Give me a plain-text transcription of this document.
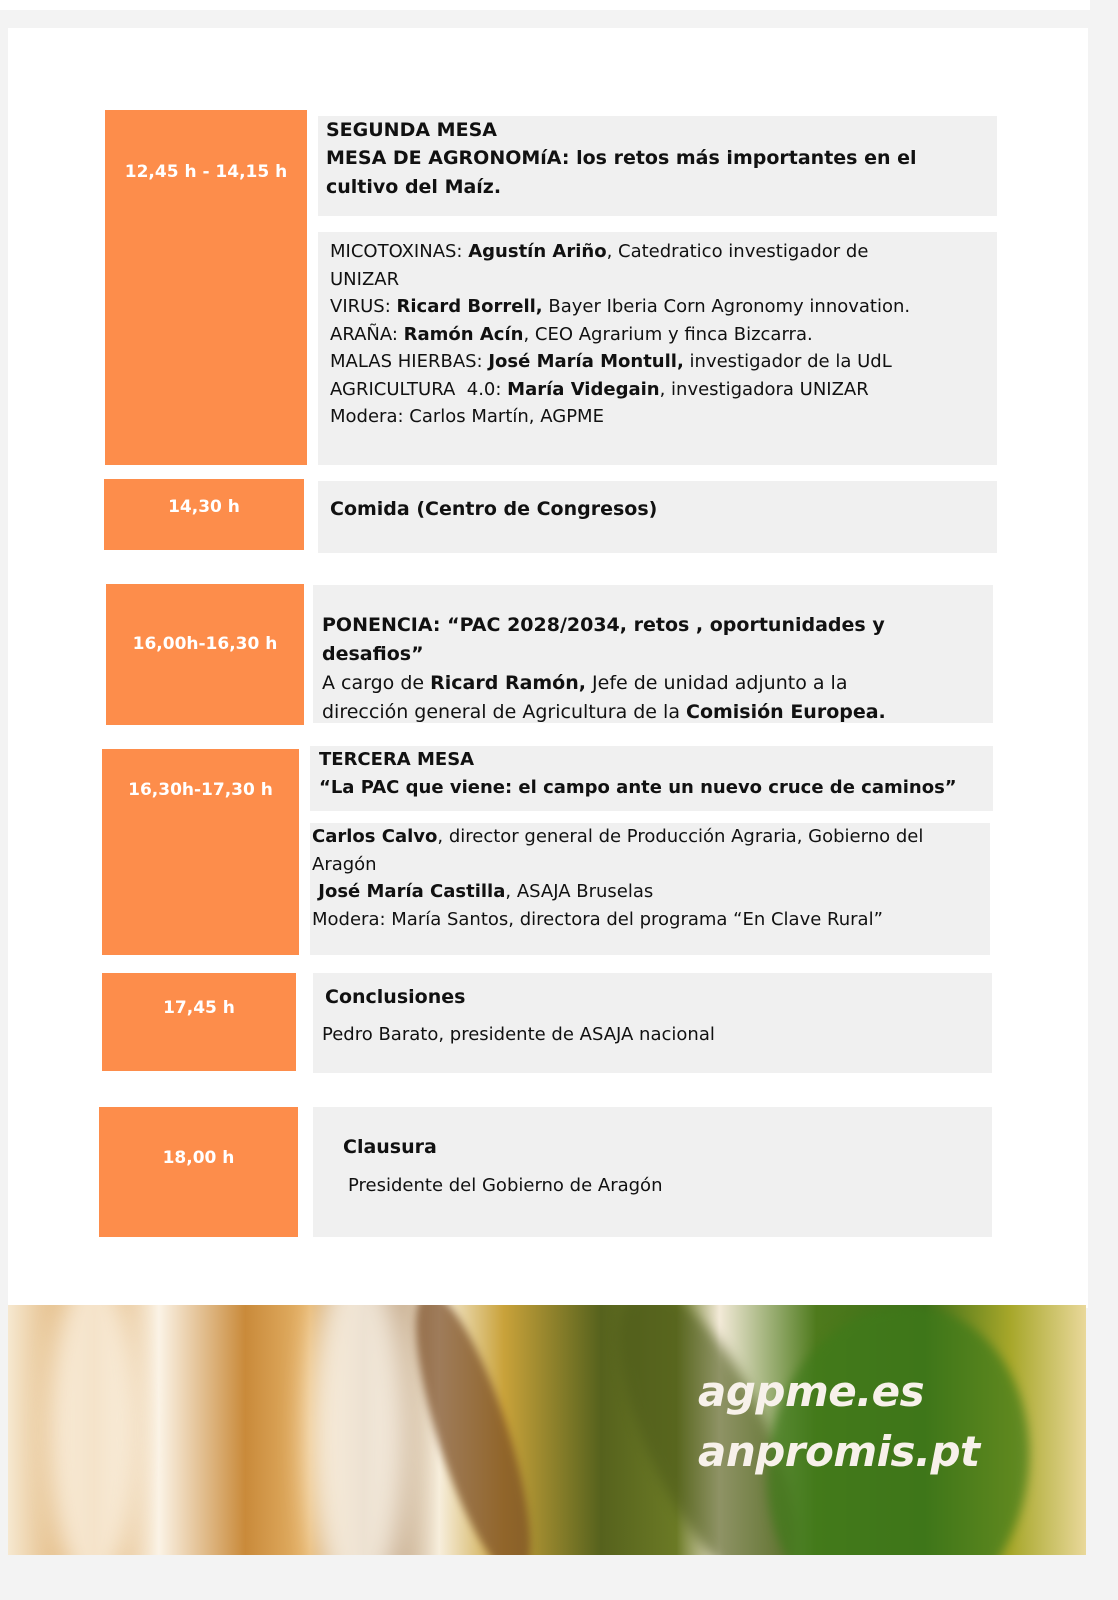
12,45 h - 14,15 h
SEGUNDA MESA
MESA DE AGRONOMíA: los retos más importantes en el
cultivo del Maíz.
MICOTOXINAS: Agustín Ariño, Catedratico investigador de
UNIZAR
VIRUS: Ricard Borrell, Bayer Iberia Corn Agronomy innovation.
ARAÑA: Ramón Acín, CEO Agrarium y finca Bizcarra.
MALAS HIERBAS: José María Montull, investigador de la UdL
AGRICULTURA  4.0: María Videgain, investigadora UNIZAR
Modera: Carlos Martín, AGPME
14,30 h	Comida (Centro de Congresos)
16,00h-16,30 h
PONENCIA: “PAC 2028/2034, retos , oportunidades y desafios”
A cargo de Ricard Ramón, Jefe de unidad adjunto a la
dirección general de Agricultura de la Comisión Europea.
16,30h-17,30 h
TERCERA MESA
“La PAC que viene: el campo ante un nuevo cruce de caminos”
Carlos Calvo, director general de Producción Agraria, Gobierno del
Aragón
José María Castilla, ASAJA Bruselas
Modera: María Santos, directora del programa “En Clave Rural”
17,45 h	Conclusiones
Pedro Barato, presidente de ASAJA nacional
18,00 h	Clausura
Presidente del Gobierno de Aragón
agpme.es
anpromis.pt
